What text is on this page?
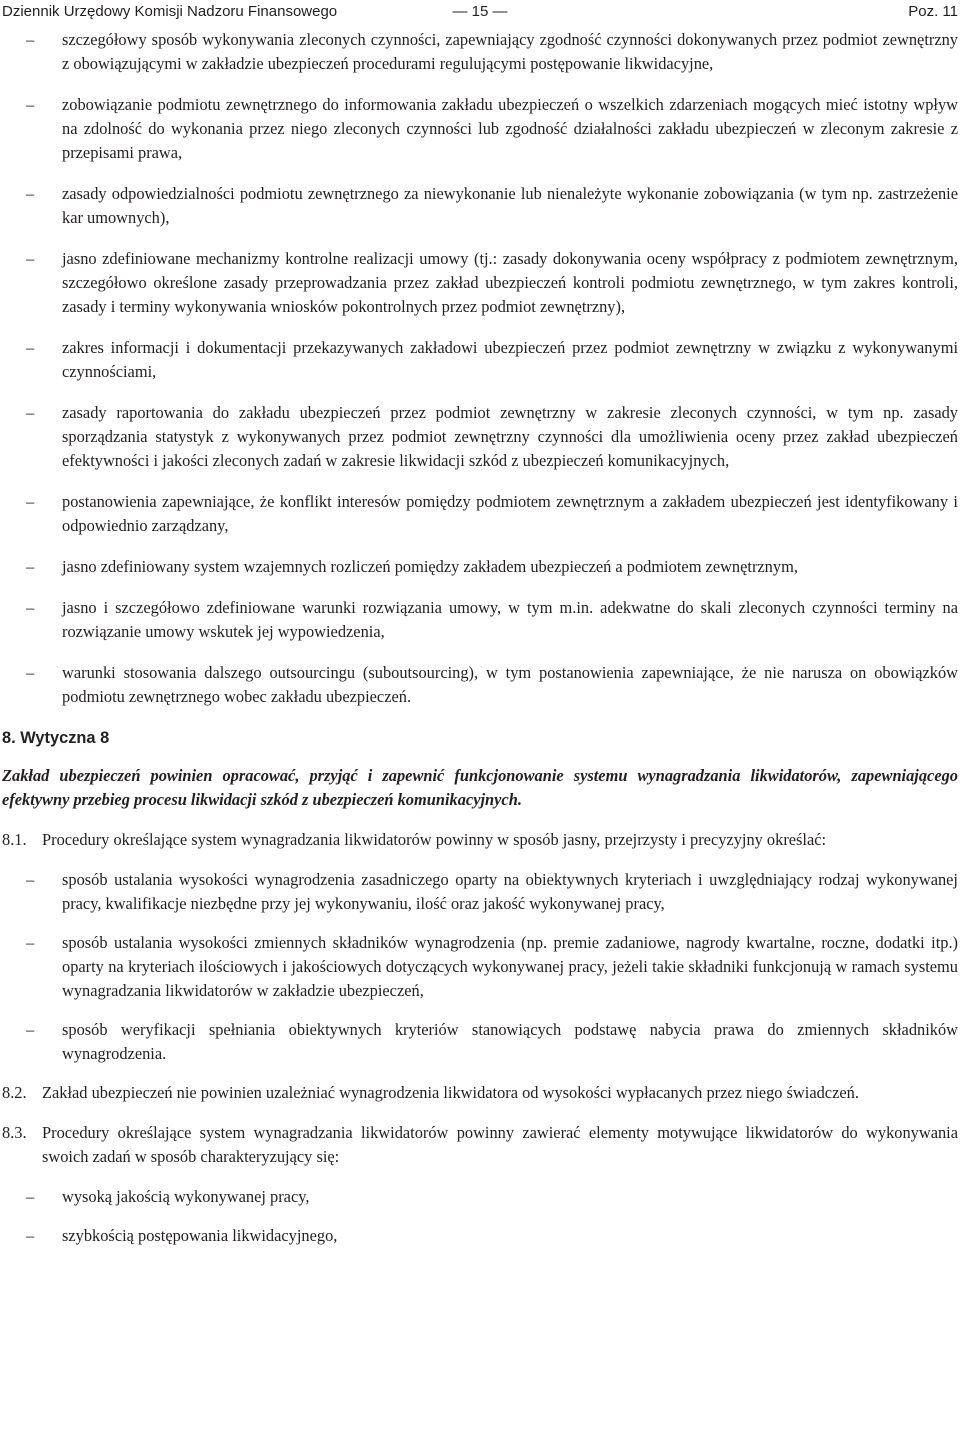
Dziennik Urzędowy Komisji Nadzoru Finansowego	— 15 —	Poz. 11
– szczegółowy sposób wykonywania zleconych czynności, zapewniający zgodność czynności dokonywanych przez podmiot zewnętrzny z obowiązującymi w zakładzie ubezpieczeń procedurami regulującymi postępowanie likwidacyjne,
– zobowiązanie podmiotu zewnętrznego do informowania zakładu ubezpieczeń o wszelkich zdarzeniach mogących mieć istotny wpływ na zdolność do wykonania przez niego zleconych czynności lub zgodność działalności zakładu ubezpieczeń w zleconym zakresie z przepisami prawa,
– zasady odpowiedzialności podmiotu zewnętrznego za niewykonanie lub nienależyte wykonanie zobowiązania (w tym np. zastrzeżenie kar umownych),
– jasno zdefiniowane mechanizmy kontrolne realizacji umowy (tj.: zasady dokonywania oceny współpracy z podmiotem zewnętrznym, szczegółowo określone zasady przeprowadzania przez zakład ubezpieczeń kontroli podmiotu zewnętrznego, w tym zakres kontroli, zasady i terminy wykonywania wniosków pokontrolnych przez podmiot zewnętrzny),
– zakres informacji i dokumentacji przekazywanych zakładowi ubezpieczeń przez podmiot zewnętrzny w związku z wykonywanymi czynnościami,
– zasady raportowania do zakładu ubezpieczeń przez podmiot zewnętrzny w zakresie zleconych czynności, w tym np. zasady sporządzania statystyk z wykonywanych przez podmiot zewnętrzny czynności dla umożliwienia oceny przez zakład ubezpieczeń efektywności i jakości zleconych zadań w zakresie likwidacji szkód z ubezpieczeń komunikacyjnych,
– postanowienia zapewniające, że konflikt interesów pomiędzy podmiotem zewnętrznym a zakładem ubezpieczeń jest identyfikowany i odpowiednio zarządzany,
– jasno zdefiniowany system wzajemnych rozliczeń pomiędzy zakładem ubezpieczeń a podmiotem zewnętrznym,
– jasno i szczegółowo zdefiniowane warunki rozwiązania umowy, w tym m.in. adekwatne do skali zleconych czynności terminy na rozwiązanie umowy wskutek jej wypowiedzenia,
– warunki stosowania dalszego outsourcingu (suboutsourcing), w tym postanowienia zapewniające, że nie narusza on obowiązków podmiotu zewnętrznego wobec zakładu ubezpieczeń.
8. Wytyczna 8
Zakład ubezpieczeń powinien opracować, przyjąć i zapewnić funkcjonowanie systemu wynagradzania likwidatorów, zapewniającego efektywny przebieg procesu likwidacji szkód z ubezpieczeń komunikacyjnych.
8.1. Procedury określające system wynagradzania likwidatorów powinny w sposób jasny, przejrzysty i precyzyjny określać:
– sposób ustalania wysokości wynagrodzenia zasadniczego oparty na obiektywnych kryteriach i uwzględniający rodzaj wykonywanej pracy, kwalifikacje niezbędne przy jej wykonywaniu, ilość oraz jakość wykonywanej pracy,
– sposób ustalania wysokości zmiennych składników wynagrodzenia (np. premie zadaniowe, nagrody kwartalne, roczne, dodatki itp.) oparty na kryteriach ilościowych i jakościowych dotyczących wykonywanej pracy, jeżeli takie składniki funkcjonują w ramach systemu wynagradzania likwidatorów w zakładzie ubezpieczeń,
– sposób weryfikacji spełniania obiektywnych kryteriów stanowiących podstawę nabycia prawa do zmiennych składników wynagrodzenia.
8.2. Zakład ubezpieczeń nie powinien uzależniać wynagrodzenia likwidatora od wysokości wypłacanych przez niego świadczeń.
8.3. Procedury określające system wynagradzania likwidatorów powinny zawierać elementy motywujące likwidatorów do wykonywania swoich zadań w sposób charakteryzujący się:
– wysoką jakością wykonywanej pracy,
– szybkością postępowania likwidacyjnego,
